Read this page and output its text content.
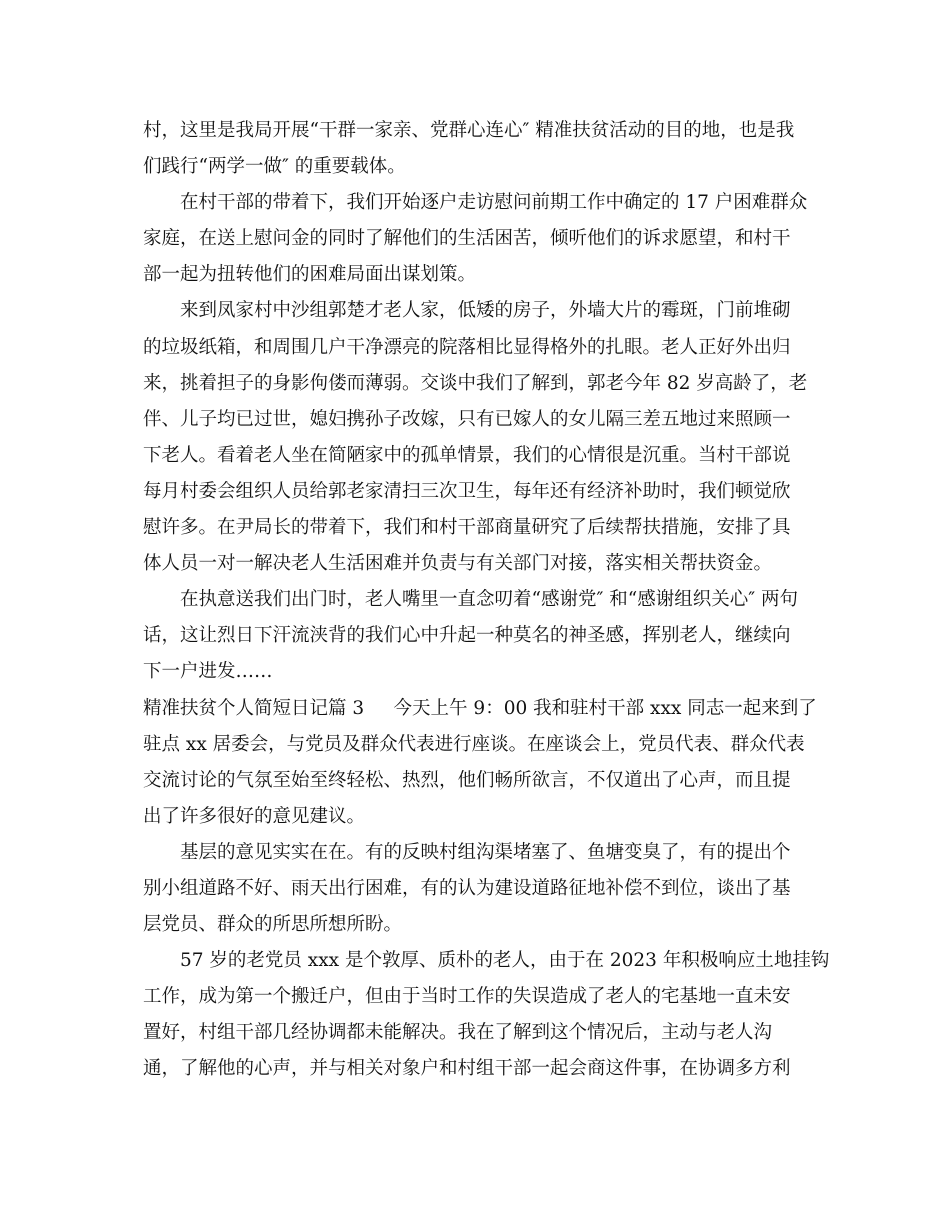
村，这里是我局开展“干群一家亲、党群心连心″ 精准扶贫活动的目的地，也是我
们践行“两学一做″ 的重要载体。
在村干部的带着下，我们开始逐户走访慰问前期工作中确定的 17 户困难群众
家庭，在送上慰问金的同时了解他们的生活困苦，倾听他们的诉求愿望，和村干
部一起为扭转他们的困难局面出谋划策。
来到凤家村中沙组郭楚才老人家，低矮的房子，外墙大片的霉斑，门前堆砌
的垃圾纸箱，和周围几户干净漂亮的院落相比显得格外的扎眼。老人正好外出归
来，挑着担子的身影佝偻而薄弱。交谈中我们了解到，郭老今年 82 岁高龄了，老
伴、儿子均已过世，媳妇携孙子改嫁，只有已嫁人的女儿隔三差五地过来照顾一
下老人。看着老人坐在简陋家中的孤单情景，我们的心情很是沉重。当村干部说
每月村委会组织人员给郭老家清扫三次卫生，每年还有经济补助时，我们顿觉欣
慰许多。在尹局长的带着下，我们和村干部商量研究了后续帮扶措施，安排了具
体人员一对一解决老人生活困难并负责与有关部门对接，落实相关帮扶资金。
在执意送我们出门时，老人嘴里一直念叨着“感谢党″ 和“感谢组织关心″ 两句
话，这让烈日下汗流浃背的我们心中升起一种莫名的神圣感，挥别老人，继续向
下一户进发……
精准扶贫个人简短日记篇 3     今天上午 9：00 我和驻村干部 xxx 同志一起来到了
驻点 xx 居委会，与党员及群众代表进行座谈。在座谈会上，党员代表、群众代表
交流讨论的气氛至始至终轻松、热烈，他们畅所欲言，不仅道出了心声，而且提
出了许多很好的意见建议。
基层的意见实实在在。有的反映村组沟渠堵塞了、鱼塘变臭了，有的提出个
别小组道路不好、雨天出行困难，有的认为建设道路征地补偿不到位，谈出了基
层党员、群众的所思所想所盼。
57 岁的老党员 xxx 是个敦厚、质朴的老人，由于在 2023 年积极响应土地挂钩
工作，成为第一个搬迁户，但由于当时工作的失误造成了老人的宅基地一直未安
置好，村组干部几经协调都未能解决。我在了解到这个情况后，主动与老人沟
通，了解他的心声，并与相关对象户和村组干部一起会商这件事，在协调多方利
